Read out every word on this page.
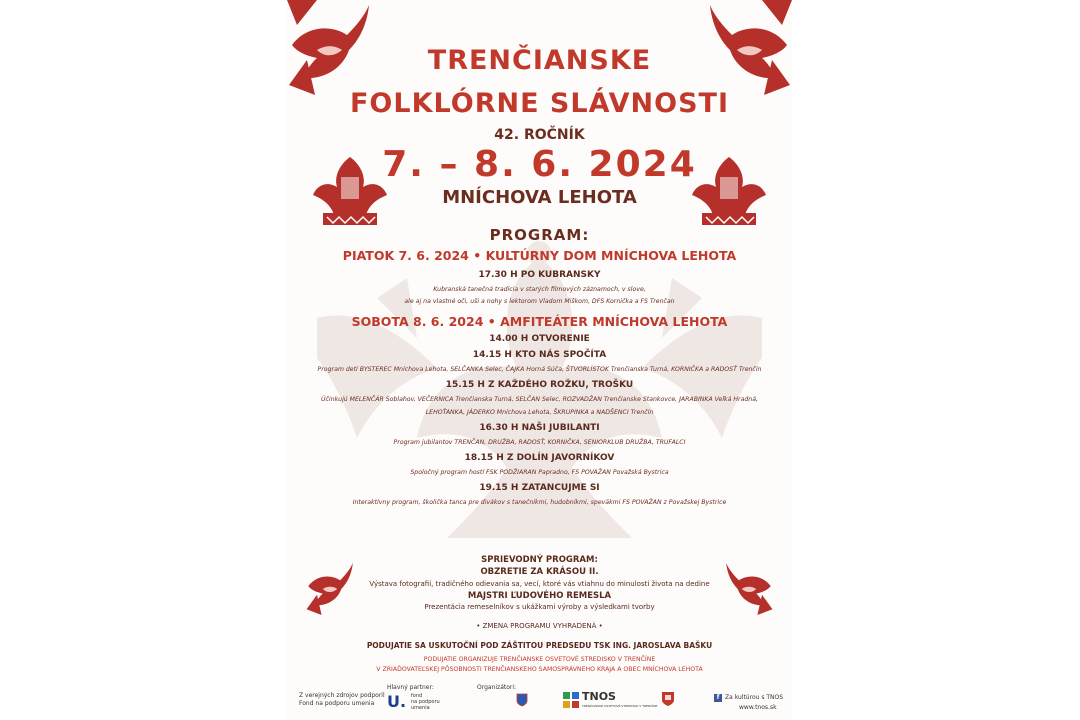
TRENČIANSKE
FOLKLÓRNE SLÁVNOSTI
42. ROČNÍK
7. – 8. 6. 2024
MNÍCHOVA LEHOTA
PROGRAM:
PIATOK 7. 6. 2024 • KULTÚRNY DOM MNÍCHOVA LEHOTA
17.30 H PO KUBRANSKY
Kubranská tanečná tradícia v starých filmových záznamoch, v slove,
ale aj na vlastné oči, uši a nohy s lektorom Vladom Miškom, DFS Kornička a FS Trenčan
SOBOTA 8. 6. 2024 • AMFITEÁTER MNÍCHOVA LEHOTA
14.00 H OTVORENIE
14.15 H KTO NÁS SPOČÍTA
Program detí BYSTEREC Mníchova Lehota, SELČANKA Selec, ČAJKA Horná Súča, ŠTVORLÍSTOK Trenčianska Turná, KORNIČKA a RADOSŤ Trenčín
15.15 H Z KAŽDÉHO ROŽKU, TROŠKU
Účinkujú MELENČÁR Soblahov, VEČERNICA Trenčianska Turná, SELČAN Selec, ROZVADŽAN Trenčianske Stankovce, JARABINKA Veľká Hradná,
LEHOŤANKA, JÁDERKO Mníchova Lehota, ŠKRUPINKA a NADŠENCI Trenčín
16.30 H NAŠI JUBILANTI
Program jubilantov TRENČAN, DRUŽBA, RADOSŤ, KORNIČKA, SENIORKLUB DRUŽBA, TRUFALCI
18.15 H Z DOLÍN JAVORNÍKOV
Spoločný program hostí FSK PODŽIARAN Papradno, FS POVAŽAN Považská Bystrica
19.15 H ZATANCUJME SI
Interaktívny program, školička tanca pre divákov s tanečníkmi, hudobníkmi, speväkmi FS POVAŽAN z Považskej Bystrice
SPRIEVODNÝ PROGRAM:
OBZRETIE ZA KRÁSOU II.
Výstava fotografií, tradičného odievania sa, vecí, ktoré vás vtiahnu do minulosti života na dedine
MAJSTRI ĽUDOVÉHO REMESLA
Prezentácia remeselníkov s ukážkami výroby a výsledkami tvorby
• ZMENA PROGRAMU VYHRADENÁ •
PODUJATIE SA USKUTOČNÍ POD ZÁŠTITOU PREDSEDU TSK ING. JAROSLAVA BAŠKU
PODUJATIE ORGANIZUJE TRENČIANSKE OSVETOVÉ STREDISKO V TRENČÍNE
V ZRIAĎOVATEĽSKEJ PÔSOBNOSTI TRENČIANSKEHO SAMOSPRÁVNEHO KRAJA A OBEC MNÍCHOVA LEHOTA
Z verejných zdrojov podporil
Fond na podporu umenia
Hlavný partner:
U. fond
na podporu
umenia
Organizátori:
TNOS
TRENČIANSKE OSVETOVÉ STREDISKO V TRENČÍNE
f Za kultúrou s TNOS
www.tnos.sk
